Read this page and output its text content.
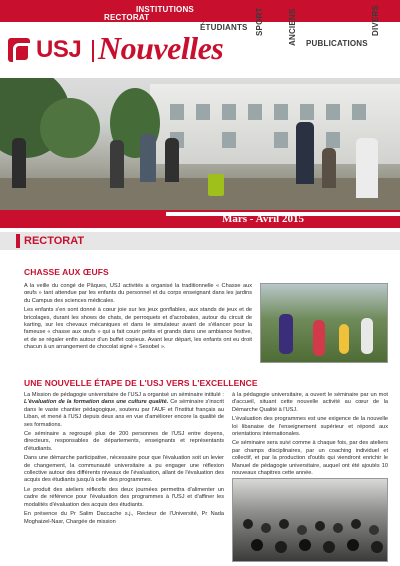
RECTORAT
INSTITUTIONS
ÉTUDIANTS SPORT	ANCIENS PUBLICATIONS
DIVERS
USJ Nouvelles
Mars - Avril 2015
RECTORAT
CHASSE AUX ŒUFS

A la veille du congé de Pâques, USJ activités a organisé la traditionnelle « Chasse aux œufs » tant attendue par les enfants du personnel et du corps enseignant dans les jardins du Campus des sciences médicales.

Les enfants s'en sont donné à cœur joie sur les jeux gonflables, aux stands de jeux et de bricolages, durant les shows de chats, de perroquets et d'acrobates, autour du circuit de karting, sur les chevaux mécaniques et dans le simulateur avant de s'élancer pour la fameuse « chasse aux œufs » qui a fait courir petits et grands dans une ambiance festive, et de se régaler enfin autour d'un buffet copieux. Avant leur départ, les enfants ont eu droit chacun à un arrangement de chocolat signé « Sesobel ».

UNE NOUVELLE ÉTAPE DE L'USJ VERS L'EXCELLENCE

La Mission de pédagogie universitaire de l'USJ a organisé un séminaire intitulé : L'évaluation de la formation dans une culture qualité. Ce séminaire s'inscrit dans le vaste chantier pédagogique, soutenu par l'AUF et l'Institut français au Liban, et mené à l'USJ depuis deux ans en vue d'améliorer encore la qualité de ses formations.

Ce séminaire a regroupé plus de 200 personnes de l'USJ entre doyens, directeurs, responsables de départements, enseignants et représentants d'étudiants.

Dans une démarche participative, nécessaire pour que l'évaluation soit un levier de changement, la communauté universitaire a pu engager une réflexion collective autour des différents niveaux de l'évaluation, allant de l'évaluation des acquis des étudiants jusqu'à celle des programmes.

Le produit des ateliers réflexifs des deux journées permettra d'alimenter un cadre de référence pour l'évaluation des programmes à l'USJ et d'affiner les modalités d'évaluation des acquis des étudiants.

En présence du Pr Salim Daccache s.j., Recteur de l'Université, Pr Nada Moghaizel-Nasr, Chargée de mission

à la pédagogie universitaire, a ouvert le séminaire par un mot d'accueil, situant cette nouvelle activité au cœur de la Démarche Qualité à l'USJ.

L'évaluation des programmes est une exigence de la nouvelle loi libanaise de l'enseignement supérieur et répond aux orientations internationales.

Ce séminaire sera suivi comme à chaque fois, par des ateliers par champs disciplinaires, par un coaching individuel et collectif, et par la production d'outils qui viendront enrichir le Manuel de pédagogie universitaire, auquel ont été ajoutés 10 nouveaux chapitres cette année.
